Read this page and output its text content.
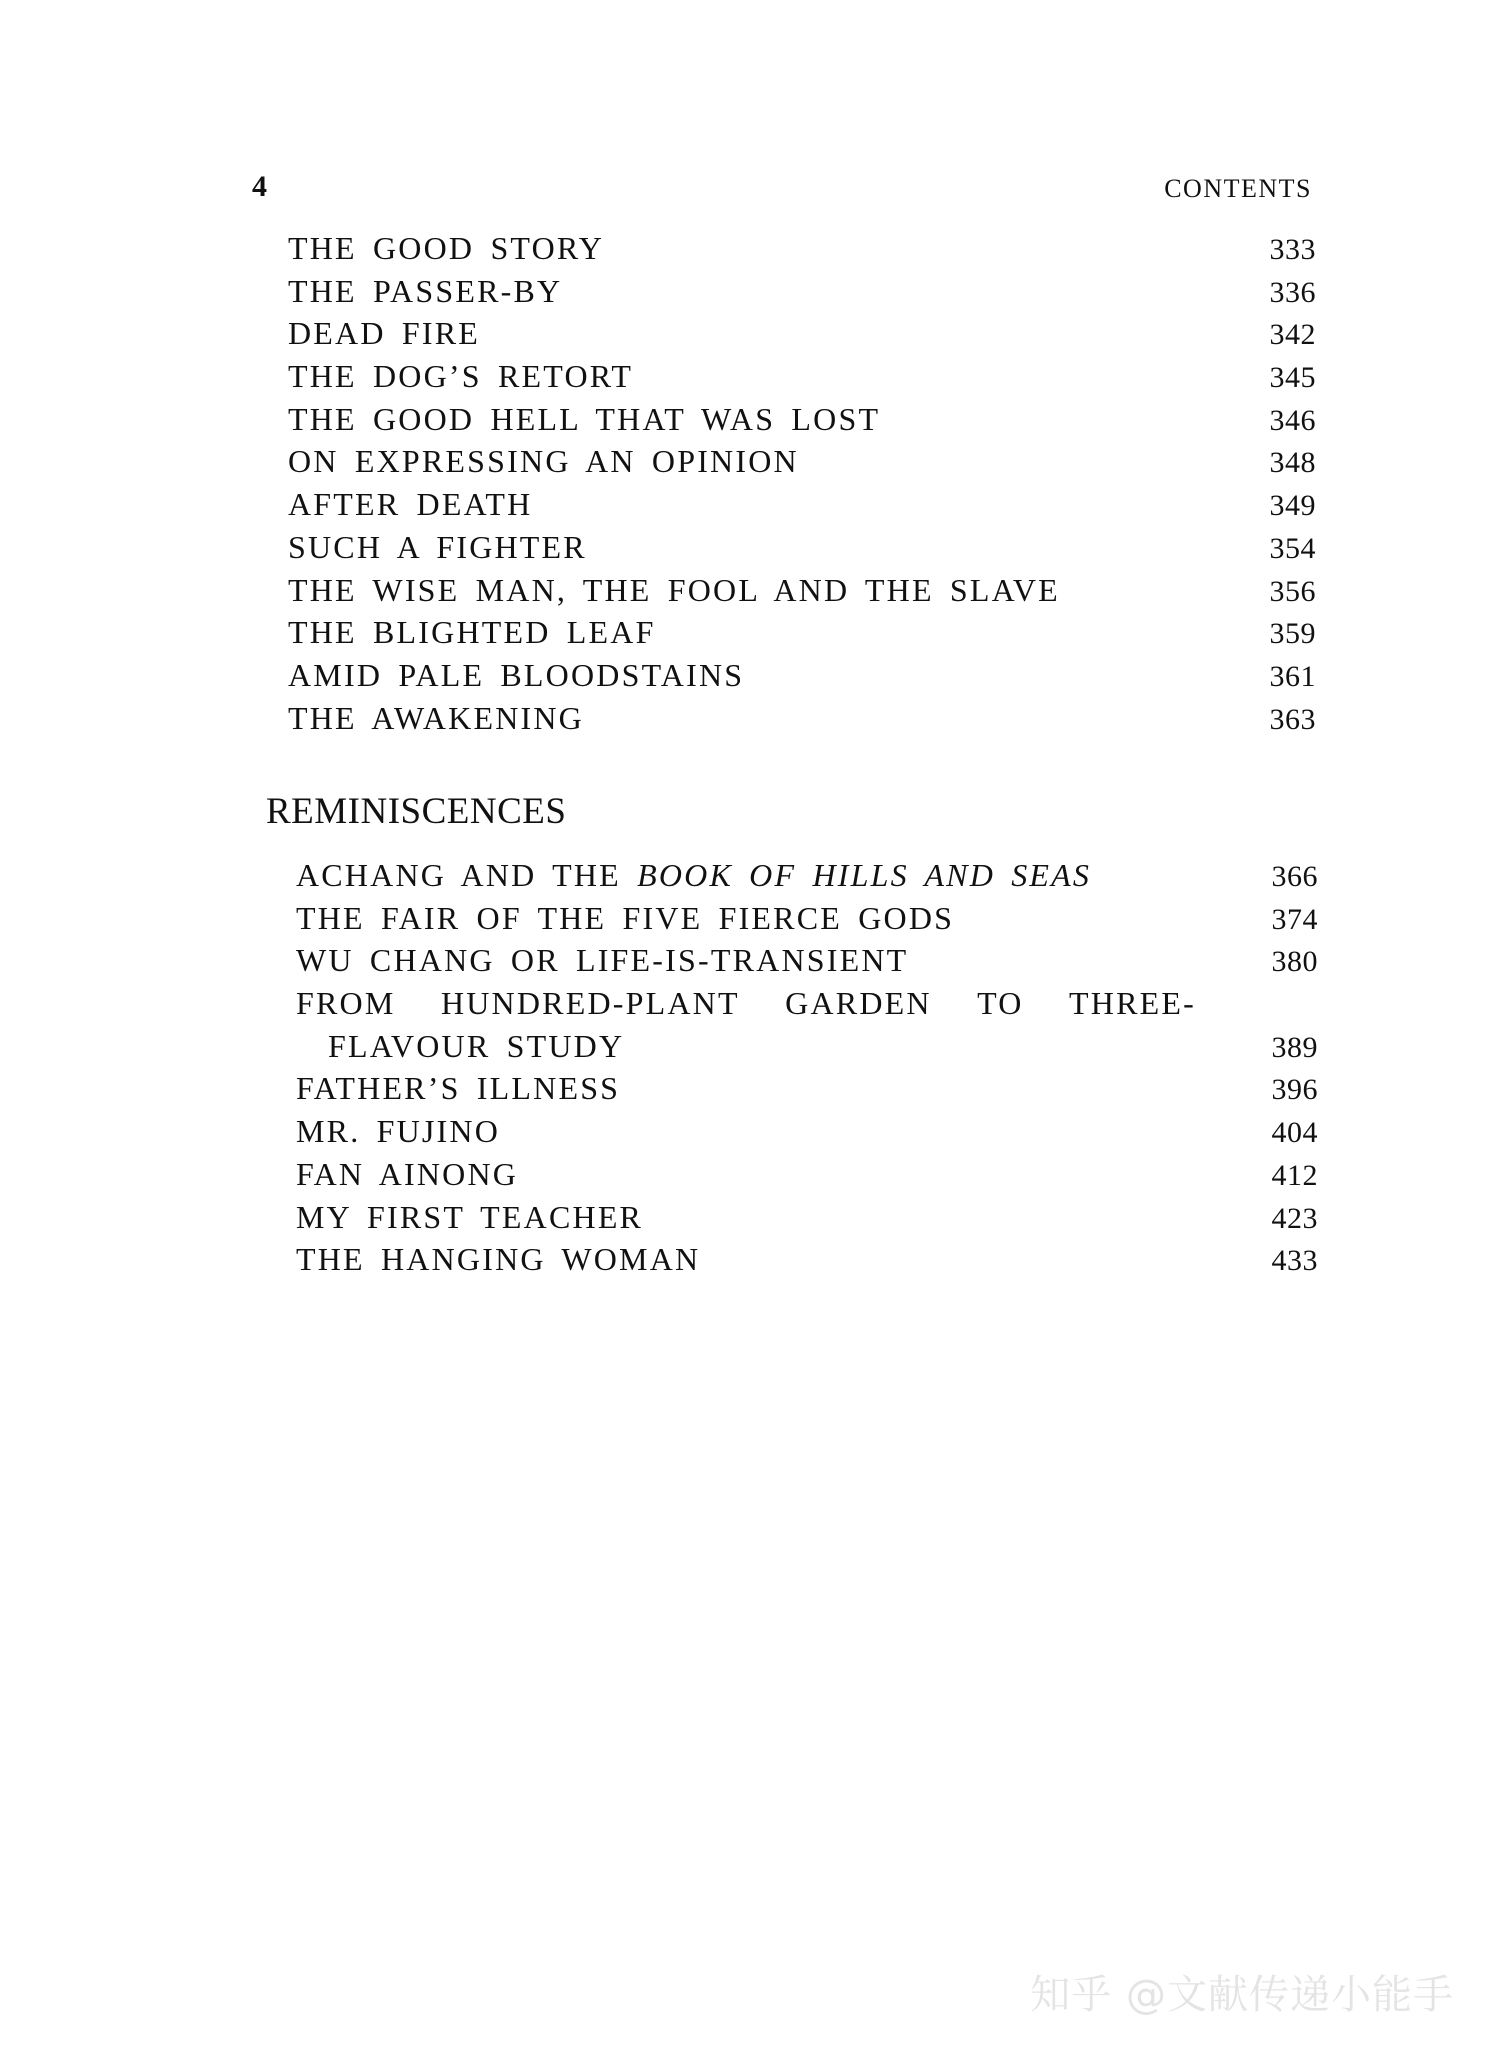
4	CONTENTS
THE GOOD STORY	333
THE PASSER-BY	336
DEAD FIRE	342
THE DOG’S RETORT	345
THE GOOD HELL THAT WAS LOST	346
ON EXPRESSING AN OPINION	348
AFTER DEATH	349
SUCH A FIGHTER	354
THE WISE MAN, THE FOOL AND THE SLAVE	356
THE BLIGHTED LEAF	359
AMID PALE BLOODSTAINS	361
THE AWAKENING	363
REMINISCENCES
ACHANG AND THE BOOK OF HILLS AND SEAS	366
THE FAIR OF THE FIVE FIERCE GODS	374
WU CHANG OR LIFE-IS-TRANSIENT	380
FROM HUNDRED-PLANT GARDEN TO THREE-
FLAVOUR STUDY	389
FATHER’S ILLNESS	396
MR. FUJINO	404
FAN AINONG	412
MY FIRST TEACHER	423
THE HANGING WOMAN	433
知乎 @文献传递小能手
